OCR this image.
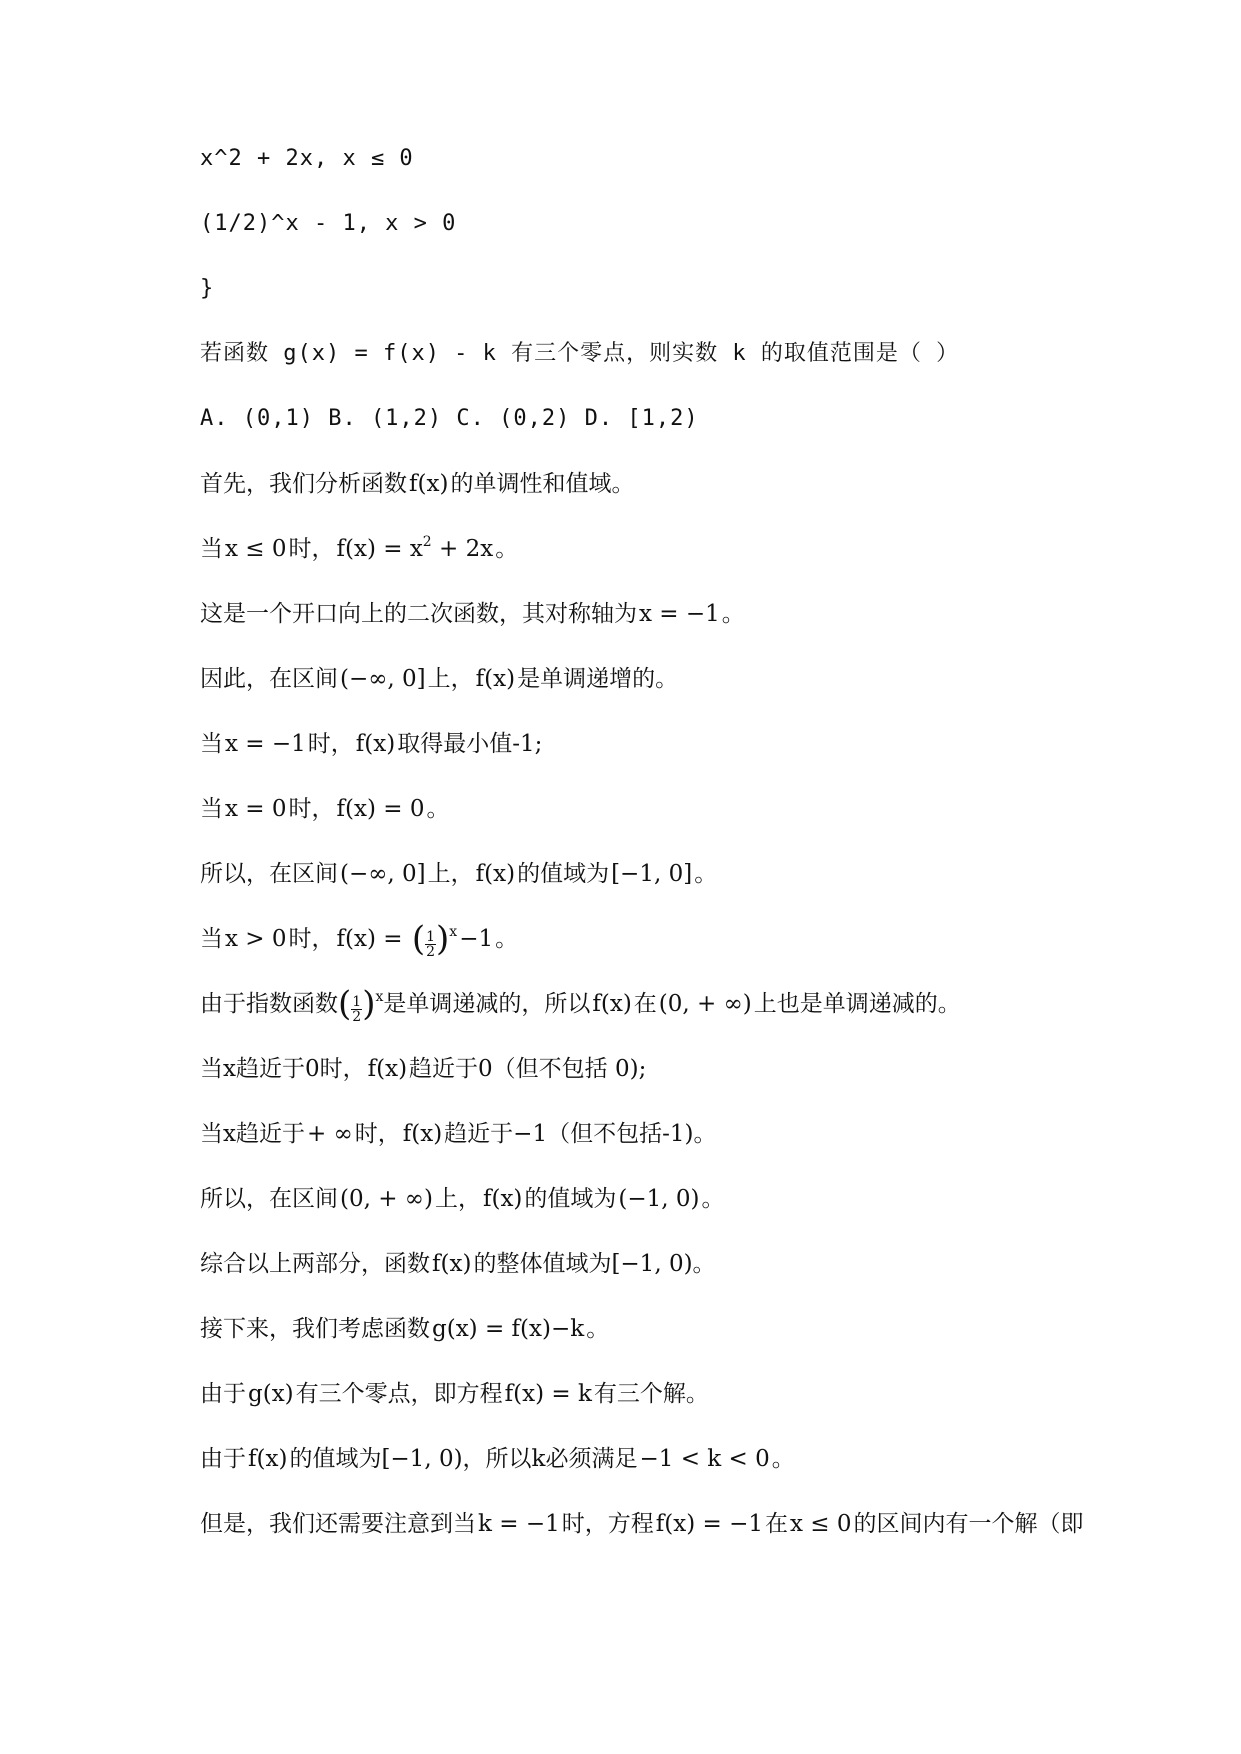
x^2 + 2x, x ≤ 0
(1/2)^x - 1, x > 0
}
若函数 g(x) = f(x) - k 有三个零点，则实数 k 的取值范围是（ ）
A. (0,1) B. (1,2) C. (0,2) D. [1,2)
首先，我们分析函数f(x)的单调性和值域。
当x ≤ 0时，$f(x) = x^2 + 2x$。
这是一个开口向上的二次函数，其对称轴为x = −1。
因此，在区间(−∞, 0]上，f(x)是单调递增的。
当x = −1时，f(x)取得最小值-1;
当x = 0时，f(x) = 0。
所以，在区间(−∞, 0]上，f(x)的值域为[−1, 0]。
当x > 0时，f(x) = ( $\frac{1}{2} )^x-1$。
由于指数函数( $\frac{1}{2} )^x$是单调递减的，所以f(x)在(0, + ∞)上也是单调递减的。
当x趋近于0时，f(x)趋近于0（但不包括 0);
当x趋近于+ ∞时，f(x)趋近于−1（但不包括-1)。
所以，在区间(0, + ∞)上，f(x)的值域为(−1, 0)。
综合以上两部分，函数f(x)的整体值域为[−1, 0)。
接下来，我们考虑函数g(x) = f(x)−k。
由于g(x)有三个零点，即方程f(x) = k有三个解。
由于f(x)的值域为[−1, 0)，所以k必须满足−1 < k < 0。
但是，我们还需要注意到当k = −1时，方程f(x) = −1在x ≤ 0的区间内有一个解（即
